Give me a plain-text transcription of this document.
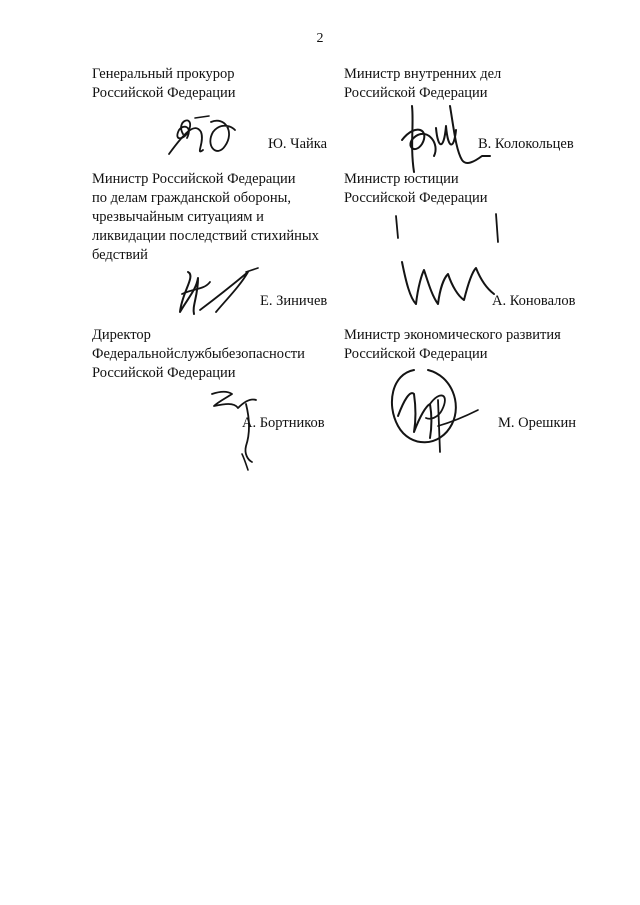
2
Генеральный прокурор
Российской Федерации
Ю. Чайка
Министр внутренних дел
Российской Федерации
В. Колокольцев
Министр Российской Федерации
по делам гражданской обороны,
чрезвычайным ситуациям и
ликвидации последствий стихийных
бедствий
Е. Зиничев
Министр юстиции
Российской Федерации
А. Коновалов
Директор
Федеральнойслужбыбезопасности
Российской Федерации
А. Бортников
Министр экономического развития
Российской Федерации
М. Орешкин
